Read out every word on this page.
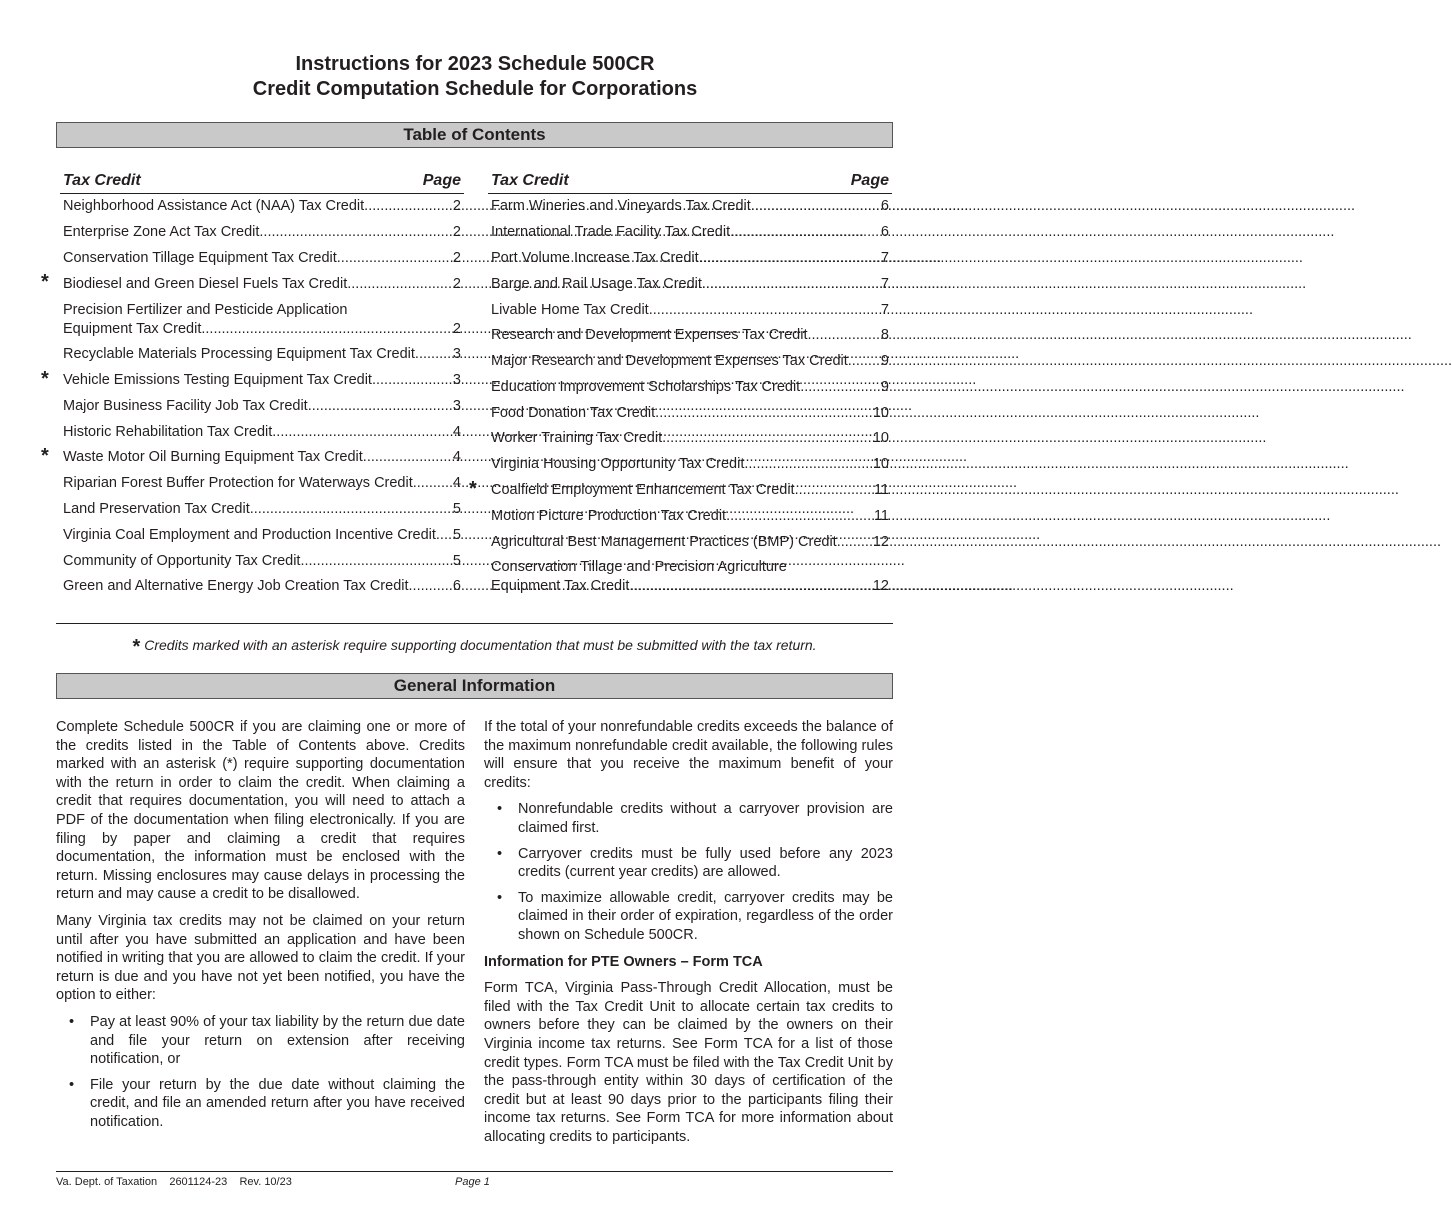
Instructions for 2023 Schedule 500CR
Credit Computation Schedule for Corporations
Table of Contents
Tax Credit	Page
Neighborhood Assistance Act (NAA) Tax Credit .....	2
Enterprise Zone Act Tax Credit .....	2
Conservation Tillage Equipment Tax Credit .....	2
* Biodiesel and Green Diesel Fuels Tax Credit .....	2
Precision Fertilizer and Pesticide Application
Equipment Tax Credit .....	2
Recyclable Materials Processing Equipment Tax Credit .....	3
* Vehicle Emissions Testing Equipment Tax Credit .....	3
Major Business Facility Job Tax Credit .....	3
Historic Rehabilitation Tax Credit .....	4
* Waste Motor Oil Burning Equipment Tax Credit .....	4
Riparian Forest Buffer Protection for Waterways Credit .....	4
Land Preservation Tax Credit .....	5
Virginia Coal Employment and Production Incentive Credit ..... 5
Community of Opportunity Tax Credit .....	5
Green and Alternative Energy Job Creation Tax Credit .....	6
Tax Credit	Page
Farm Wineries and Vineyards Tax Credit .....	6
International Trade Facility Tax Credit .....	6
Port Volume Increase Tax Credit .....	7
Barge and Rail Usage Tax Credit .....	7
Livable Home Tax Credit .....	7
Research and Development Expenses Tax Credit .....	8
Major Research and Development Expenses Tax Credit ..... 9
Education Improvement Scholarships Tax Credit .....	9
Food Donation Tax Credit .....	10
Worker Training Tax Credit .....	10
Virginia Housing Opportunity Tax Credit .....	10
* Coalfield Employment Enhancement Tax Credit .....	11
Motion Picture Production Tax Credit .....	11
Agricultural Best Management Practices (BMP) Credit ..... 12
Conservation Tillage and Precision Agriculture
Equipment Tax Credit .....	12
* Credits marked with an asterisk require supporting documentation that must be submitted with the tax return.
General Information

Complete Schedule 500CR if you are claiming one or more of the credits listed in the Table of Contents above. Credits marked with an asterisk (*) require supporting documentation with the return in order to claim the credit. When claiming a credit that requires documentation, you will need to attach a PDF of the documentation when filing electronically. If you are filing by paper and claiming a credit that requires documentation, the information must be enclosed with the return. Missing enclosures may cause delays in processing the return and may cause a credit to be disallowed.

Many Virginia tax credits may not be claimed on your return until after you have submitted an application and have been notified in writing that you are allowed to claim the credit. If your return is due and you have not yet been notified, you have the option to either:

• Pay at least 90% of your tax liability by the return due date and file your return on extension after receiving notification, or
• File your return by the due date without claiming the credit, and file an amended return after you have received notification.

If the total of your nonrefundable credits exceeds the balance of the maximum nonrefundable credit available, the following rules will ensure that you receive the maximum benefit of your credits:

• Nonrefundable credits without a carryover provision are claimed first.
• Carryover credits must be fully used before any 2023 credits (current year credits) are allowed.
• To maximize allowable credit, carryover credits may be claimed in their order of expiration, regardless of the order shown on Schedule 500CR.
Information for PTE Owners – Form TCA

Form TCA, Virginia Pass-Through Credit Allocation, must be filed with the Tax Credit Unit to allocate certain tax credits to owners before they can be claimed by the owners on their Virginia income tax returns. See Form TCA for a list of those credit types. Form TCA must be filed with the Tax Credit Unit by the pass-through entity within 30 days of certification of the credit but at least 90 days prior to the participants filing their income tax returns. See Form TCA for more information about allocating credits to participants.

Va. Dept. of Taxation    2601124-23    Rev. 10/23	Page 1
